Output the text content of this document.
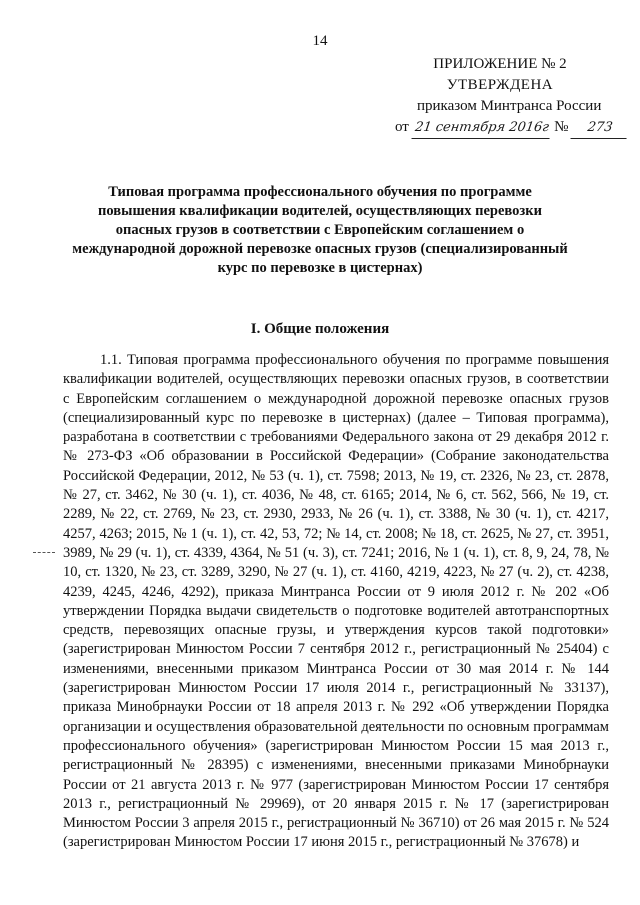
14
ПРИЛОЖЕНИЕ № 2
УТВЕРЖДЕНА
приказом Минтранса России
от 21 сентября 2016г № 273
Типовая программа профессионального обучения по программе повышения квалификации водителей, осуществляющих перевозки опасных грузов в соответствии с Европейским соглашением о международной дорожной перевозке опасных грузов (специализированный курс по перевозке в цистернах)
I. Общие положения
1.1. Типовая программа профессионального обучения по программе повышения квалификации водителей, осуществляющих перевозки опасных грузов, в соответствии с Европейским соглашением о международной дорожной перевозке опасных грузов (специализированный курс по перевозке в цистернах) (далее – Типовая программа), разработана в соответствии с требованиями Федерального закона от 29 декабря 2012 г. № 273-ФЗ «Об образовании в Российской Федерации» (Собрание законодательства Российской Федерации, 2012, № 53 (ч. 1), ст. 7598; 2013, № 19, ст. 2326, № 23, ст. 2878, № 27, ст. 3462, № 30 (ч. 1), ст. 4036, № 48, ст. 6165; 2014, № 6, ст. 562, 566, № 19, ст. 2289, № 22, ст. 2769, № 23, ст. 2930, 2933, № 26 (ч. 1), ст. 3388, № 30 (ч. 1), ст. 4217, 4257, 4263; 2015, № 1 (ч. 1), ст. 42, 53, 72; № 14, ст. 2008; № 18, ст. 2625, № 27, ст. 3951, 3989, № 29 (ч. 1), ст. 4339, 4364, № 51 (ч. 3), ст. 7241; 2016, № 1 (ч. 1), ст. 8, 9, 24, 78, № 10, ст. 1320, № 23, ст. 3289, 3290, № 27 (ч. 1), ст. 4160, 4219, 4223, № 27 (ч. 2), ст. 4238, 4239, 4245, 4246, 4292), приказа Минтранса России от 9 июля 2012 г. № 202 «Об утверждении Порядка выдачи свидетельств о подготовке водителей автотранспортных средств, перевозящих опасные грузы, и утверждения курсов такой подготовки» (зарегистрирован Минюстом России 7 сентября 2012 г., регистрационный № 25404) с изменениями, внесенными приказом Минтранса России от 30 мая 2014 г. № 144 (зарегистрирован Минюстом России 17 июля 2014 г., регистрационный № 33137), приказа Минобрнауки России от 18 апреля 2013 г. № 292 «Об утверждении Порядка организации и осуществления образовательной деятельности по основным программам профессионального обучения» (зарегистрирован Минюстом России 15 мая 2013 г., регистрационный № 28395) с изменениями, внесенными приказами Минобрнауки России от 21 августа 2013 г. № 977 (зарегистрирован Минюстом России 17 сентября 2013 г., регистрационный № 29969), от 20 января 2015 г. № 17 (зарегистрирован Минюстом России 3 апреля 2015 г., регистрационный № 36710) от 26 мая 2015 г. № 524 (зарегистрирован Минюстом России 17 июня 2015 г., регистрационный № 37678) и
